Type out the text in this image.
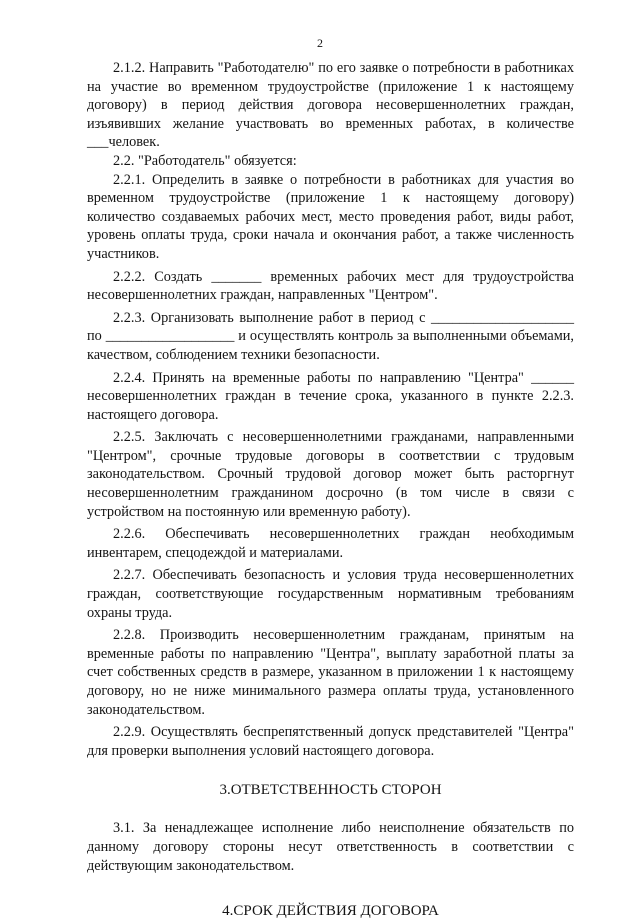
2

2.1.2. Направить "Работодателю" по его заявке о потребности в работниках на участие во временном трудоустройстве (приложение 1 к настоящему договору) в период действия договора несовершеннолетних граждан, изъявивших желание участвовать во временных работах, в количестве ___человек.

2.2. "Работодатель" обязуется:

2.2.1. Определить в заявке о потребности в работниках для участия во временном трудоустройстве (приложение 1 к настоящему договору) количество создаваемых рабочих мест, место проведения работ, виды работ, уровень оплаты труда, сроки начала и окончания работ, а также численность участников.

2.2.2. Создать _______ временных рабочих мест для трудоустройства несовершеннолетних граждан, направленных "Центром".

2.2.3. Организовать выполнение работ в период с ____________________ по __________________ и осуществлять контроль за выполненными объемами, качеством, соблюдением техники безопасности.

2.2.4. Принять на временные работы по направлению "Центра" ______ несовершеннолетних граждан в течение срока, указанного в пункте 2.2.3. настоящего договора.

2.2.5. Заключать с несовершеннолетними гражданами, направленными "Центром", срочные трудовые договоры в соответствии с трудовым законодательством. Срочный трудовой договор может быть расторгнут несовершеннолетним гражданином досрочно (в том числе в связи с устройством на постоянную или временную работу).

2.2.6. Обеспечивать несовершеннолетних граждан необходимым инвентарем, спецодеждой и материалами.

2.2.7. Обеспечивать безопасность и условия труда несовершеннолетних граждан, соответствующие государственным нормативным требованиям охраны труда.

2.2.8. Производить несовершеннолетним гражданам, принятым на временные работы по направлению "Центра", выплату заработной платы за счет собственных средств в размере, указанном в приложении 1 к настоящему договору, но не ниже минимального размера оплаты труда, установленного законодательством.

2.2.9. Осуществлять беспрепятственный допуск представителей "Центра" для проверки выполнения условий настоящего договора.

3.ОТВЕТСТВЕННОСТЬ СТОРОН

3.1. За ненадлежащее исполнение либо неисполнение обязательств по данному договору стороны несут ответственность в соответствии с действующим законодательством.

4.СРОК ДЕЙСТВИЯ ДОГОВОРА
